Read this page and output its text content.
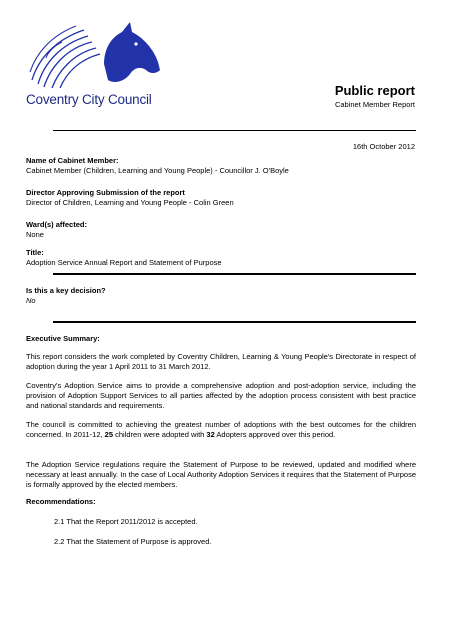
Coventry City Council
Public report
Cabinet Member Report
16th October 2012
Name of Cabinet Member:
Cabinet Member (Children, Learning and Young People) - Councillor J. O'Boyle
Director Approving Submission of the report
Director of Children, Learning and Young People - Colin Green
Ward(s) affected:
None
Title:
Adoption Service Annual Report and Statement of Purpose
Is this a key decision?
No
Executive Summary:
This report considers the work completed by Coventry Children, Learning & Young People's Directorate in respect of adoption during the year 1 April 2011 to 31 March 2012.
Coventry's Adoption Service aims to provide a comprehensive adoption and post-adoption service, including the provision of Adoption Support Services to all parties affected by the adoption process consistent with best practice and national standards and requirements.
The council is committed to achieving the greatest number of adoptions with the best outcomes for the children concerned. In 2011-12, 25 children were adopted with 32 Adopters approved over this period.
The Adoption Service regulations require the Statement of Purpose to be reviewed, updated and modified where necessary at least annually. In the case of Local Authority Adoption Services it requires that the Statement of Purpose is formally approved by the elected members.
Recommendations:
2.1 That the Report 2011/2012 is accepted.
2.2 That the Statement of Purpose is approved.
